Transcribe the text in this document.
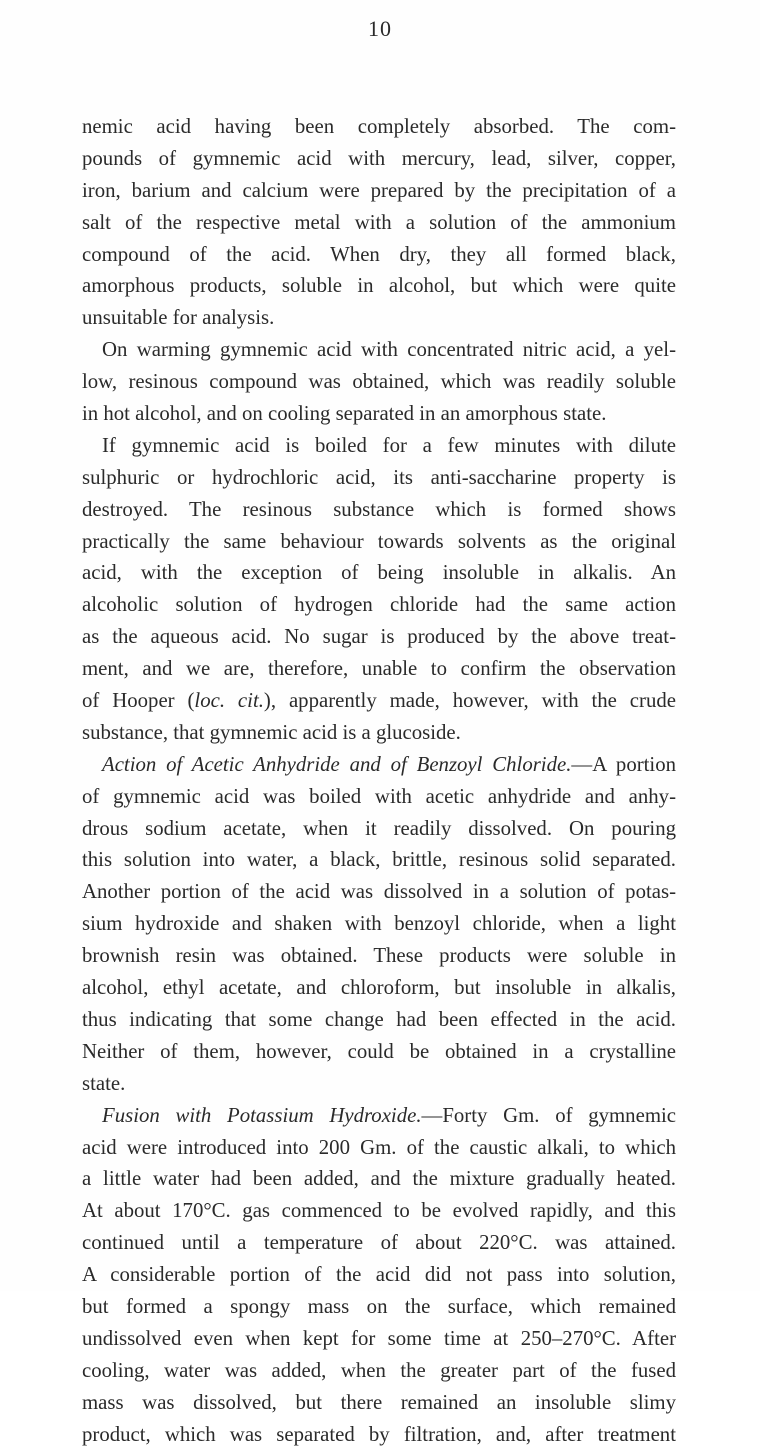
10
nemic acid having been completely absorbed. The com-
pounds of gymnemic acid with mercury, lead, silver, copper,
iron, barium and calcium were prepared by the precipitation of a
salt of the respective metal with a solution of the ammonium
compound of the acid. When dry, they all formed black,
amorphous products, soluble in alcohol, but which were quite
unsuitable for analysis.
On warming gymnemic acid with concentrated nitric acid, a yel-
low, resinous compound was obtained, which was readily soluble
in hot alcohol, and on cooling separated in an amorphous state.
If gymnemic acid is boiled for a few minutes with dilute
sulphuric or hydrochloric acid, its anti-saccharine property is
destroyed. The resinous substance which is formed shows
practically the same behaviour towards solvents as the original
acid, with the exception of being insoluble in alkalis. An
alcoholic solution of hydrogen chloride had the same action
as the aqueous acid. No sugar is produced by the above treat-
ment, and we are, therefore, unable to confirm the observation
of Hooper (loc. cit.), apparently made, however, with the crude
substance, that gymnemic acid is a glucoside.
Action of Acetic Anhydride and of Benzoyl Chloride.—A portion
of gymnemic acid was boiled with acetic anhydride and anhy-
drous sodium acetate, when it readily dissolved. On pouring
this solution into water, a black, brittle, resinous solid separated.
Another portion of the acid was dissolved in a solution of potas-
sium hydroxide and shaken with benzoyl chloride, when a light
brownish resin was obtained. These products were soluble in
alcohol, ethyl acetate, and chloroform, but insoluble in alkalis,
thus indicating that some change had been effected in the acid.
Neither of them, however, could be obtained in a crystalline
state.
Fusion with Potassium Hydroxide.—Forty Gm. of gymnemic
acid were introduced into 200 Gm. of the caustic alkali, to which
a little water had been added, and the mixture gradually heated.
At about 170°C. gas commenced to be evolved rapidly, and this
continued until a temperature of about 220°C. was attained.
A considerable portion of the acid did not pass into solution,
but formed a spongy mass on the surface, which remained
undissolved even when kept for some time at 250–270°C. After
cooling, water was added, when the greater part of the fused
mass was dissolved, but there remained an insoluble slimy
product, which was separated by filtration, and, after treatment
